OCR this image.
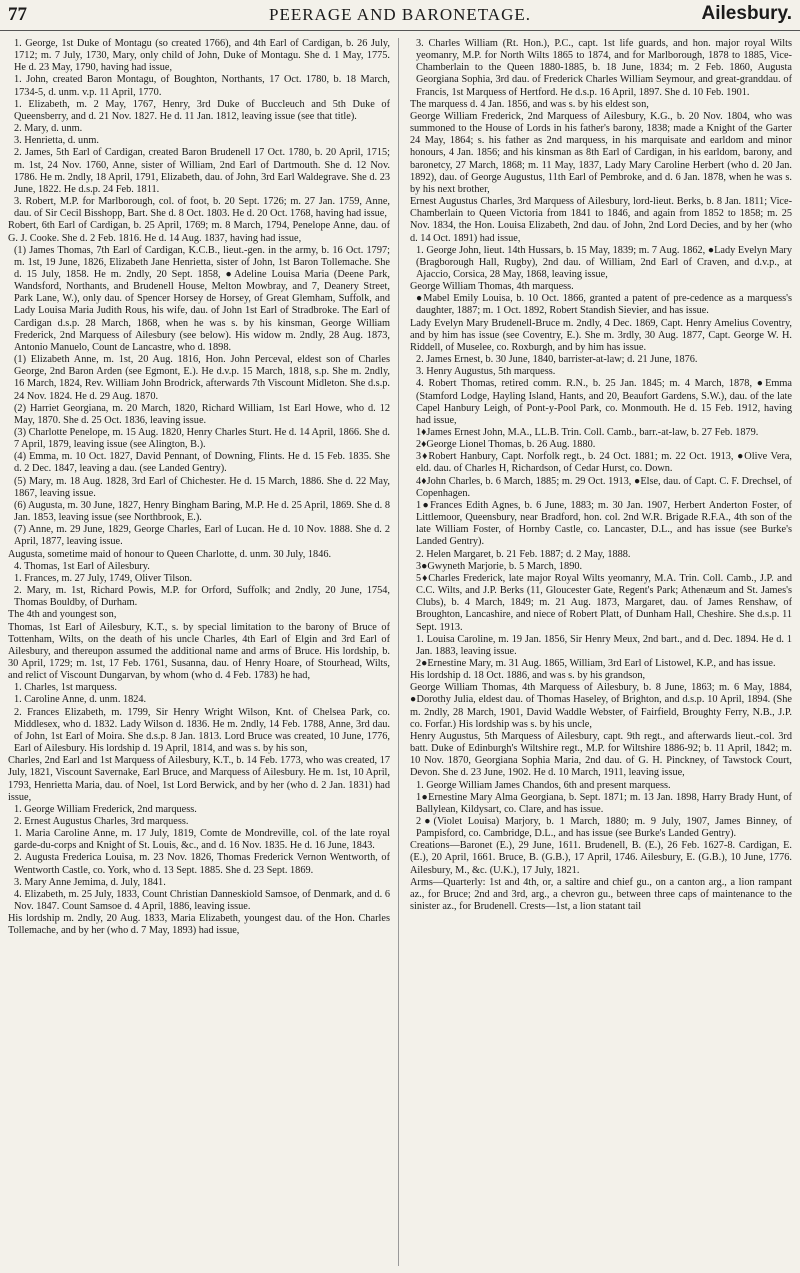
77	PEERAGE AND BARONETAGE.	Ailesbury.

1. George, 1st Duke of Montagu (so created 1766), and 4th Earl of Cardigan, b. 26 July, 1712; m. 7 July, 1730, Mary, only child of John, Duke of Montagu. She d. 1 May, 1775. He d. 23 May, 1790, having had issue,

1. John, created Baron Montagu, of Boughton, Northants, 17 Oct. 1780, b. 18 March, 1734-5, d. unm. v.p. 11 April, 1770.

1. Elizabeth, m. 2 May, 1767, Henry, 3rd Duke of Buccleuch and 5th Duke of Queensberry, and d. 21 Nov. 1827. He d. 11 Jan. 1812, leaving issue (see that title).

2. Mary, d. unm.

3. Henrietta, d. unm.

2. James, 5th Earl of Cardigan, created Baron Brudenell 17 Oct. 1780, b. 20 April, 1715; m. 1st, 24 Nov. 1760, Anne, sister of William, 2nd Earl of Dartmouth. She d. 12 Nov. 1786. He m. 2ndly, 18 April, 1791, Elizabeth, dau. of John, 3rd Earl Waldegrave. She d. 23 June, 1822. He d.s.p. 24 Feb. 1811.

3. Robert, M.P. for Marlborough, col. of foot, b. 20 Sept. 1726; m. 27 Jan. 1759, Anne, dau. of Sir Cecil Bisshopp, Bart. She d. 8 Oct. 1803. He d. 20 Oct. 1768, having had issue,

Robert, 6th Earl of Cardigan, b. 25 April, 1769; m. 8 March, 1794, Penelope Anne, dau. of G. J. Cooke. She d. 2 Feb. 1816. He d. 14 Aug. 1837, having had issue,

(1) James Thomas, 7th Earl of Cardigan, K.C.B., lieut.-gen. in the army, b. 16 Oct. 1797; m. 1st, 19 June, 1826, Elizabeth Jane Henrietta, sister of John, 1st Baron Tollemache. She d. 15 July, 1858. He m. 2ndly, 20 Sept. 1858, ●Adeline Louisa Maria (Deene Park, Wandsford, Northants, and Brudenell House, Melton Mowbray, and 7, Deanery Street, Park Lane, W.), only dau. of Spencer Horsey de Horsey, of Great Glemham, Suffolk, and Lady Louisa Maria Judith Rous, his wife, dau. of John 1st Earl of Stradbroke. The Earl of Cardigan d.s.p. 28 March, 1868, when he was s. by his kinsman, George William Frederick, 2nd Marquess of Ailesbury (see below). His widow m. 2ndly, 28 Aug. 1873, Antonio Manuelo, Count de Lancastre, who d. 1898.

(1) Elizabeth Anne, m. 1st, 20 Aug. 1816, Hon. John Perceval, eldest son of Charles George, 2nd Baron Arden (see Egmont, E.). He d.v.p. 15 March, 1818, s.p. She m. 2ndly, 16 March, 1824, Rev. William John Brodrick, afterwards 7th Viscount Midleton. She d.s.p. 24 Nov. 1824. He d. 29 Aug. 1870.

(2) Harriet Georgiana, m. 20 March, 1820, Richard William, 1st Earl Howe, who d. 12 May, 1870. She d. 25 Oct. 1836, leaving issue.

(3) Charlotte Penelope, m. 15 Aug. 1820, Henry Charles Sturt. He d. 14 April, 1866. She d. 7 April, 1879, leaving issue (see Alington, B.).

(4) Emma, m. 10 Oct. 1827, David Pennant, of Downing, Flints. He d. 15 Feb. 1835. She d. 2 Dec. 1847, leaving a dau. (see Landed Gentry).

(5) Mary, m. 18 Aug. 1828, 3rd Earl of Chichester. He d. 15 March, 1886. She d. 22 May, 1867, leaving issue.

(6) Augusta, m. 30 June, 1827, Henry Bingham Baring, M.P. He d. 25 April, 1869. She d. 8 Jan. 1853, leaving issue (see Northbrook, E.).

(7) Anne, m. 29 June, 1829, George Charles, Earl of Lucan. He d. 10 Nov. 1888. She d. 2 April, 1877, leaving issue.

Augusta, sometime maid of honour to Queen Charlotte, d. unm. 30 July, 1846.

4. Thomas, 1st Earl of Ailesbury.

1. Frances, m. 27 July, 1749, Oliver Tilson.

2. Mary, m. 1st, Richard Powis, M.P. for Orford, Suffolk; and 2ndly, 20 June, 1754, Thomas Bouldby, of Durham.

The 4th and youngest son,

Thomas, 1st Earl of Ailesbury, K.T., s. by special limitation to the barony of Bruce of Tottenham, Wilts, on the death of his uncle Charles, 4th Earl of Elgin and 3rd Earl of Ailesbury, and thereupon assumed the additional name and arms of Bruce. His lordship, b. 30 April, 1729; m. 1st, 17 Feb. 1761, Susanna, dau. of Henry Hoare, of Stourhead, Wilts, and relict of Viscount Dungarvan, by whom (who d. 4 Feb. 1783) he had,

1. Charles, 1st marquess.

1. Caroline Anne, d. unm. 1824.

2. Frances Elizabeth, m. 1799, Sir Henry Wright Wilson, Knt. of Chelsea Park, co. Middlesex, who d. 1832. Lady Wilson d. 1836. He m. 2ndly, 14 Feb. 1788, Anne, 3rd dau. of John, 1st Earl of Moira. She d.s.p. 8 Jan. 1813. Lord Bruce was created, 10 June, 1776, Earl of Ailesbury. His lordship d. 19 April, 1814, and was s. by his son,

Charles, 2nd Earl and 1st Marquess of Ailesbury, K.T., b. 14 Feb. 1773, who was created, 17 July, 1821, Viscount Savernake, Earl Bruce, and Marquess of Ailesbury. He m. 1st, 10 April, 1793, Henrietta Maria, dau. of Noel, 1st Lord Berwick, and by her (who d. 2 Jan. 1831) had issue,

1. George William Frederick, 2nd marquess.

2. Ernest Augustus Charles, 3rd marquess.

1. Maria Caroline Anne, m. 17 July, 1819, Comte de Mondreville, col. of the late royal garde-du-corps and Knight of St. Louis, &c., and d. 16 Nov. 1835. He d. 16 June, 1843.

2. Augusta Frederica Louisa, m. 23 Nov. 1826, Thomas Frederick Vernon Wentworth, of Wentworth Castle, co. York, who d. 13 Sept. 1885. She d. 23 Sept. 1869.

3. Mary Anne Jemima, d. July, 1841.

4. Elizabeth, m. 25 July, 1833, Count Christian Danneskiold Samsoe, of Denmark, and d. 6 Nov. 1847. Count Samsoe d. 4 April, 1886, leaving issue.

His lordship m. 2ndly, 20 Aug. 1833, Maria Elizabeth, youngest dau. of the Hon. Charles Tollemache, and by her (who d. 7 May, 1893) had issue,

3. Charles William (Rt. Hon.), P.C., capt. 1st life guards, and hon. major royal Wilts yeomanry, M.P. for North Wilts 1865 to 1874, and for Marlborough, 1878 to 1885, Vice-Chamberlain to the Queen 1880-1885, b. 18 June, 1834; m. 2 Feb. 1860, Augusta Georgiana Sophia, 3rd dau. of Frederick Charles William Seymour, and great-granddau. of Francis, 1st Marquess of Hertford. He d.s.p. 16 April, 1897. She d. 10 Feb. 1901.

The marquess d. 4 Jan. 1856, and was s. by his eldest son,

George William Frederick, 2nd Marquess of Ailesbury, K.G., b. 20 Nov. 1804, who was summoned to the House of Lords in his father's barony, 1838; made a Knight of the Garter 24 May, 1864; s. his father as 2nd marquess, in his marquisate and earldom and minor honours, 4 Jan. 1856; and his kinsman as 8th Earl of Cardigan, in his earldom, barony, and baronetcy, 27 March, 1868; m. 11 May, 1837, Lady Mary Caroline Herbert (who d. 20 Jan. 1892), dau. of George Augustus, 11th Earl of Pembroke, and d. 6 Jan. 1878, when he was s. by his next brother,

Ernest Augustus Charles, 3rd Marquess of Ailesbury, lord-lieut. Berks, b. 8 Jan. 1811; Vice-Chamberlain to Queen Victoria from 1841 to 1846, and again from 1852 to 1858; m. 25 Nov. 1834, the Hon. Louisa Elizabeth, 2nd dau. of John, 2nd Lord Decies, and by her (who d. 14 Oct. 1891) had issue,

1. George John, lieut. 14th Hussars, b. 15 May, 1839; m. 7 Aug. 1862, ●Lady Evelyn Mary (Bragborough Hall, Rugby), 2nd dau. of William, 2nd Earl of Craven, and d.v.p., at Ajaccio, Corsica, 28 May, 1868, leaving issue,

George William Thomas, 4th marquess.

●Mabel Emily Louisa, b. 10 Oct. 1866, granted a patent of pre-cedence as a marquess's daughter, 1887; m. 1 Oct. 1892, Robert Standish Sievier, and has issue.

Lady Evelyn Mary Brudenell-Bruce m. 2ndly, 4 Dec. 1869, Capt. Henry Amelius Coventry, and by him has issue (see Coventry, E.). She m. 3rdly, 30 Aug. 1877, Capt. George W. H. Riddell, of Muselee, co. Roxburgh, and by him has issue.

2. James Ernest, b. 30 June, 1840, barrister-at-law; d. 21 June, 1876.

3. Henry Augustus, 5th marquess.

4. Robert Thomas, retired comm. R.N., b. 25 Jan. 1845; m. 4 March, 1878, ●Emma (Stamford Lodge, Hayling Island, Hants, and 20, Beaufort Gardens, S.W.), dau. of the late Capel Hanbury Leigh, of Pont-y-Pool Park, co. Monmouth. He d. 15 Feb. 1912, having had issue,

1♦James Ernest John, M.A., LL.B. Trin. Coll. Camb., barr.-at-law, b. 27 Feb. 1879.

2♦George Lionel Thomas, b. 26 Aug. 1880.

3♦Robert Hanbury, Capt. Norfolk regt., b. 24 Oct. 1881; m. 22 Oct. 1913, ●Olive Vera, eld. dau. of Charles H, Richardson, of Cedar Hurst, co. Down.

4♦John Charles, b. 6 March, 1885; m. 29 Oct. 1913, ●Else, dau. of Capt. C. F. Drechsel, of Copenhagen.

1●Frances Edith Agnes, b. 6 June, 1883; m. 30 Jan. 1907, Herbert Anderton Foster, of Littlemoor, Queensbury, near Bradford, hon. col. 2nd W.R. Brigade R.F.A., 4th son of the late William Foster, of Hornby Castle, co. Lancaster, D.L., and has issue (see Burke's Landed Gentry).

2. Helen Margaret, b. 21 Feb. 1887; d. 2 May, 1888.

3●Gwyneth Marjorie, b. 5 March, 1890.

5♦Charles Frederick, late major Royal Wilts yeomanry, M.A. Trin. Coll. Camb., J.P. and C.C. Wilts, and J.P. Berks (11, Gloucester Gate, Regent's Park; Athenæum and St. James's Clubs), b. 4 March, 1849; m. 21 Aug. 1873, Margaret, dau. of James Renshaw, of Broughton, Lancashire, and niece of Robert Platt, of Dunham Hall, Cheshire. She d.s.p. 11 Sept. 1913.

1. Louisa Caroline, m. 19 Jan. 1856, Sir Henry Meux, 2nd bart., and d. Dec. 1894. He d. 1 Jan. 1883, leaving issue.

2●Ernestine Mary, m. 31 Aug. 1865, William, 3rd Earl of Listowel, K.P., and has issue.

His lordship d. 18 Oct. 1886, and was s. by his grandson,

George William Thomas, 4th Marquess of Ailesbury, b. 8 June, 1863; m. 6 May, 1884, ●Dorothy Julia, eldest dau. of Thomas Haseley, of Brighton, and d.s.p. 10 April, 1894. (She m. 2ndly, 28 March, 1901, David Waddle Webster, of Fairfield, Broughty Ferry, N.B., J.P. co. Forfar.) His lordship was s. by his uncle,

Henry Augustus, 5th Marquess of Ailesbury, capt. 9th regt., and afterwards lieut.-col. 3rd batt. Duke of Edinburgh's Wiltshire regt., M.P. for Wiltshire 1886-92; b. 11 April, 1842; m. 10 Nov. 1870, Georgiana Sophia Maria, 2nd dau. of G. H. Pinckney, of Tawstock Court, Devon. She d. 23 June, 1902. He d. 10 March, 1911, leaving issue,

1. George William James Chandos, 6th and present marquess.

1●Ernestine Mary Alma Georgiana, b. Sept. 1871; m. 13 Jan. 1898, Harry Brady Hunt, of Ballylean, Kildysart, co. Clare, and has issue.

2●(Violet Louisa) Marjory, b. 1 March, 1880; m. 9 July, 1907, James Binney, of Pampisford, co. Cambridge, D.L., and has issue (see Burke's Landed Gentry).

Creations—Baronet (E.), 29 June, 1611. Brudenell, B. (E.), 26 Feb. 1627-8. Cardigan, E. (E.), 20 April, 1661. Bruce, B. (G.B.), 17 April, 1746. Ailesbury, E. (G.B.), 10 June, 1776. Ailesbury, M., &c. (U.K.), 17 July, 1821.

Arms—Quarterly: 1st and 4th, or, a saltire and chief gu., on a canton arg., a lion rampant az., for Bruce; 2nd and 3rd, arg., a chevron gu., between three caps of maintenance to the sinister az., for Brudenell. Crests—1st, a lion statant tail
